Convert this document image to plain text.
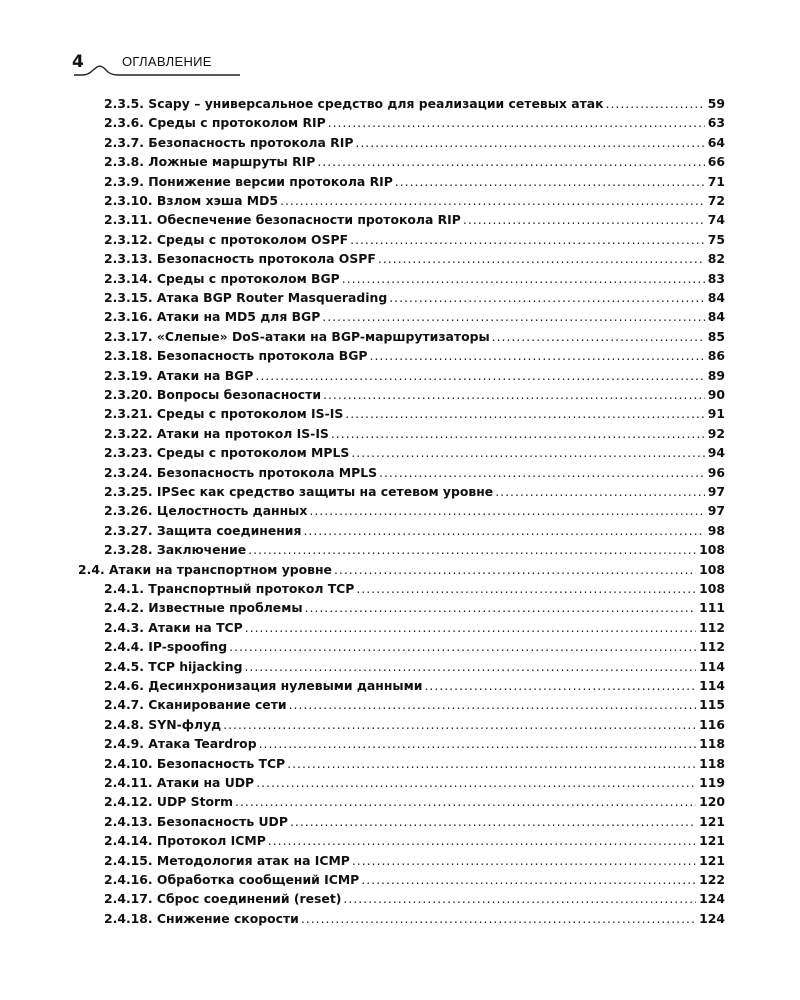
4	ОГЛАВЛЕНИЕ
2.3.5. Scapy – универсальное средство для реализации сетевых атак .....	59
2.3.6. Среды с протоколом RIP .....	63
2.3.7. Безопасность протокола RIP .....	64
2.3.8. Ложные маршруты RIP .....	66
2.3.9. Понижение версии протокола RIP .....	71
2.3.10. Взлом хэша MD5 .....	72
2.3.11. Обеспечение безопасности протокола RIP .....	74
2.3.12. Среды с протоколом OSPF .....	75
2.3.13. Безопасность протокола OSPF .....	82
2.3.14. Среды с протоколом BGP .....	83
2.3.15. Атака BGP Router Masquerading .....	84
2.3.16. Атаки на MD5 для BGP .....	84
2.3.17. «Слепые» DoS-атаки на BGP-маршрутизаторы .....	85
2.3.18. Безопасность протокола BGP .....	86
2.3.19. Атаки на BGP .....	89
2.3.20. Вопросы безопасности .....	90
2.3.21. Среды с протоколом IS-IS .....	91
2.3.22. Атаки на протокол IS-IS .....	92
2.3.23. Среды с протоколом MPLS .....	94
2.3.24. Безопасность протокола MPLS .....	96
2.3.25. IPSec как средство защиты на сетевом уровне .....	97
2.3.26. Целостность данных .....	97
2.3.27. Защита соединения .....	98
2.3.28. Заключение .....	108
2.4. Атаки на транспортном уровне .....	108
2.4.1. Транспортный протокол TCP .....	108
2.4.2. Известные проблемы .....	111
2.4.3. Атаки на TCP .....	112
2.4.4. IP-spoofing .....	112
2.4.5. TCP hijacking .....	114
2.4.6. Десинхронизация нулевыми данными .....	114
2.4.7. Сканирование сети .....	115
2.4.8. SYN-флуд .....	116
2.4.9. Атака Teardrop .....	118
2.4.10. Безопасность TCP .....	118
2.4.11. Атаки на UDP .....	119
2.4.12. UDP Storm .....	120
2.4.13. Безопасность UDP .....	121
2.4.14. Протокол ICMP .....	121
2.4.15. Методология атак на ICMP .....	121
2.4.16. Обработка сообщений ICMP .....	122
2.4.17. Сброс соединений (reset) .....	124
2.4.18. Снижение скорости .....	124
